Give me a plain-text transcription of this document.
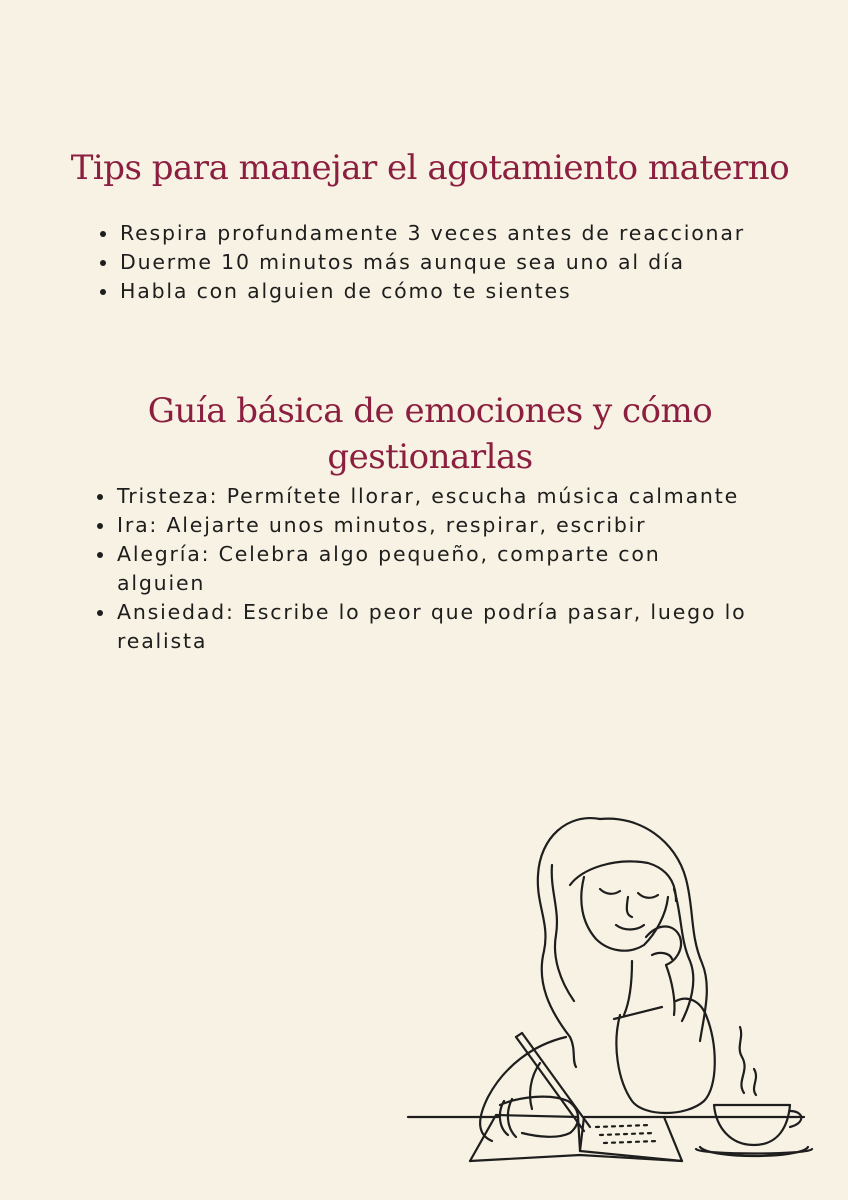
Tips para manejar el agotamiento materno
Respira profundamente 3 veces antes de reaccionar
Duerme 10 minutos más aunque sea uno al día
Habla con alguien de cómo te sientes
Guía básica de emociones y cómo gestionarlas
Tristeza: Permítete llorar, escucha música calmante
Ira: Alejarte unos minutos, respirar, escribir
Alegría: Celebra algo pequeño, comparte con alguien
Ansiedad: Escribe lo peor que podría pasar, luego lo realista
